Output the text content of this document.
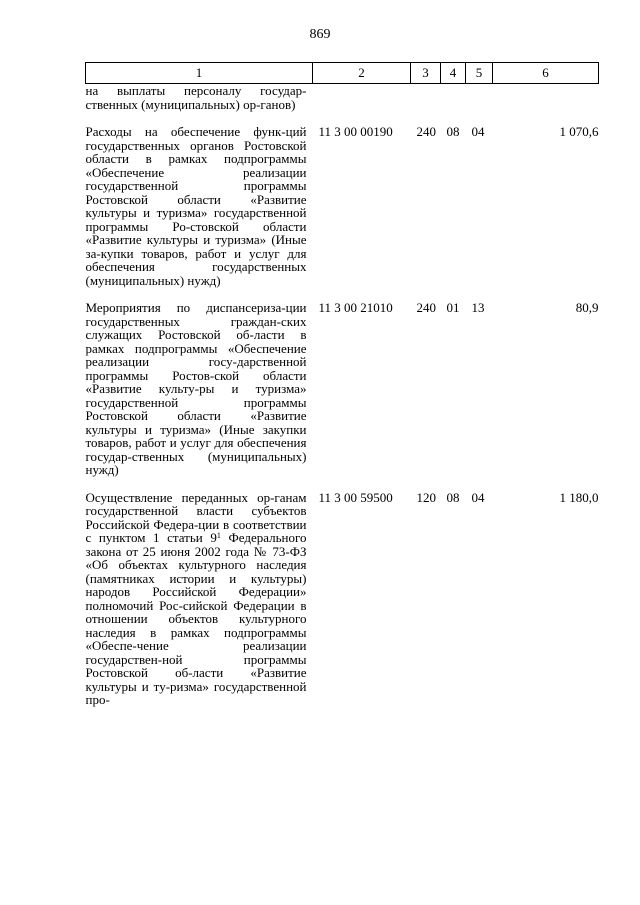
869
1	2	3	4	5	6
на выплаты персоналу государ-ственных (муниципальных) ор-ганов)					
Расходы на обеспечение функ-ций государственных органов Ростовской области в рамках подпрограммы «Обеспечение реализации государственной программы Ростовской области «Развитие культуры и туризма» государственной программы Ро-стовской области «Развитие культуры и туризма» (Иные за-купки товаров, работ и услуг для обеспечения государственных (муниципальных) нужд)	11 3 00 00190	240	08	04	1 070,6
Мероприятия по диспансериза-ции государственных граждан-ских служащих Ростовской об-ласти в рамках подпрограммы «Обеспечение реализации госу-дарственной программы Ростов-ской области «Развитие культу-ры и туризма» государственной программы Ростовской области «Развитие культуры и туризма» (Иные закупки товаров, работ и услуг для обеспечения государ-ственных (муниципальных) нужд)	11 3 00 21010	240	01	13	80,9
Осуществление переданных ор-ганам государственной власти субъектов Российской Федера-ции в соответствии с пунктом 1 статьи $9^1$ Федерального закона от 25 июня 2002 года № 73-ФЗ «Об объектах культурного наследия (памятниках истории и культуры) народов Российской Федерации» полномочий Рос-сийской Федерации в отношении объектов культурного наследия в рамках подпрограммы «Обеспе-чение реализации государствен-ной программы Ростовской об-ласти «Развитие культуры и ту-ризма» государственной про-	11 3 00 59500	120	08	04	1 180,0
